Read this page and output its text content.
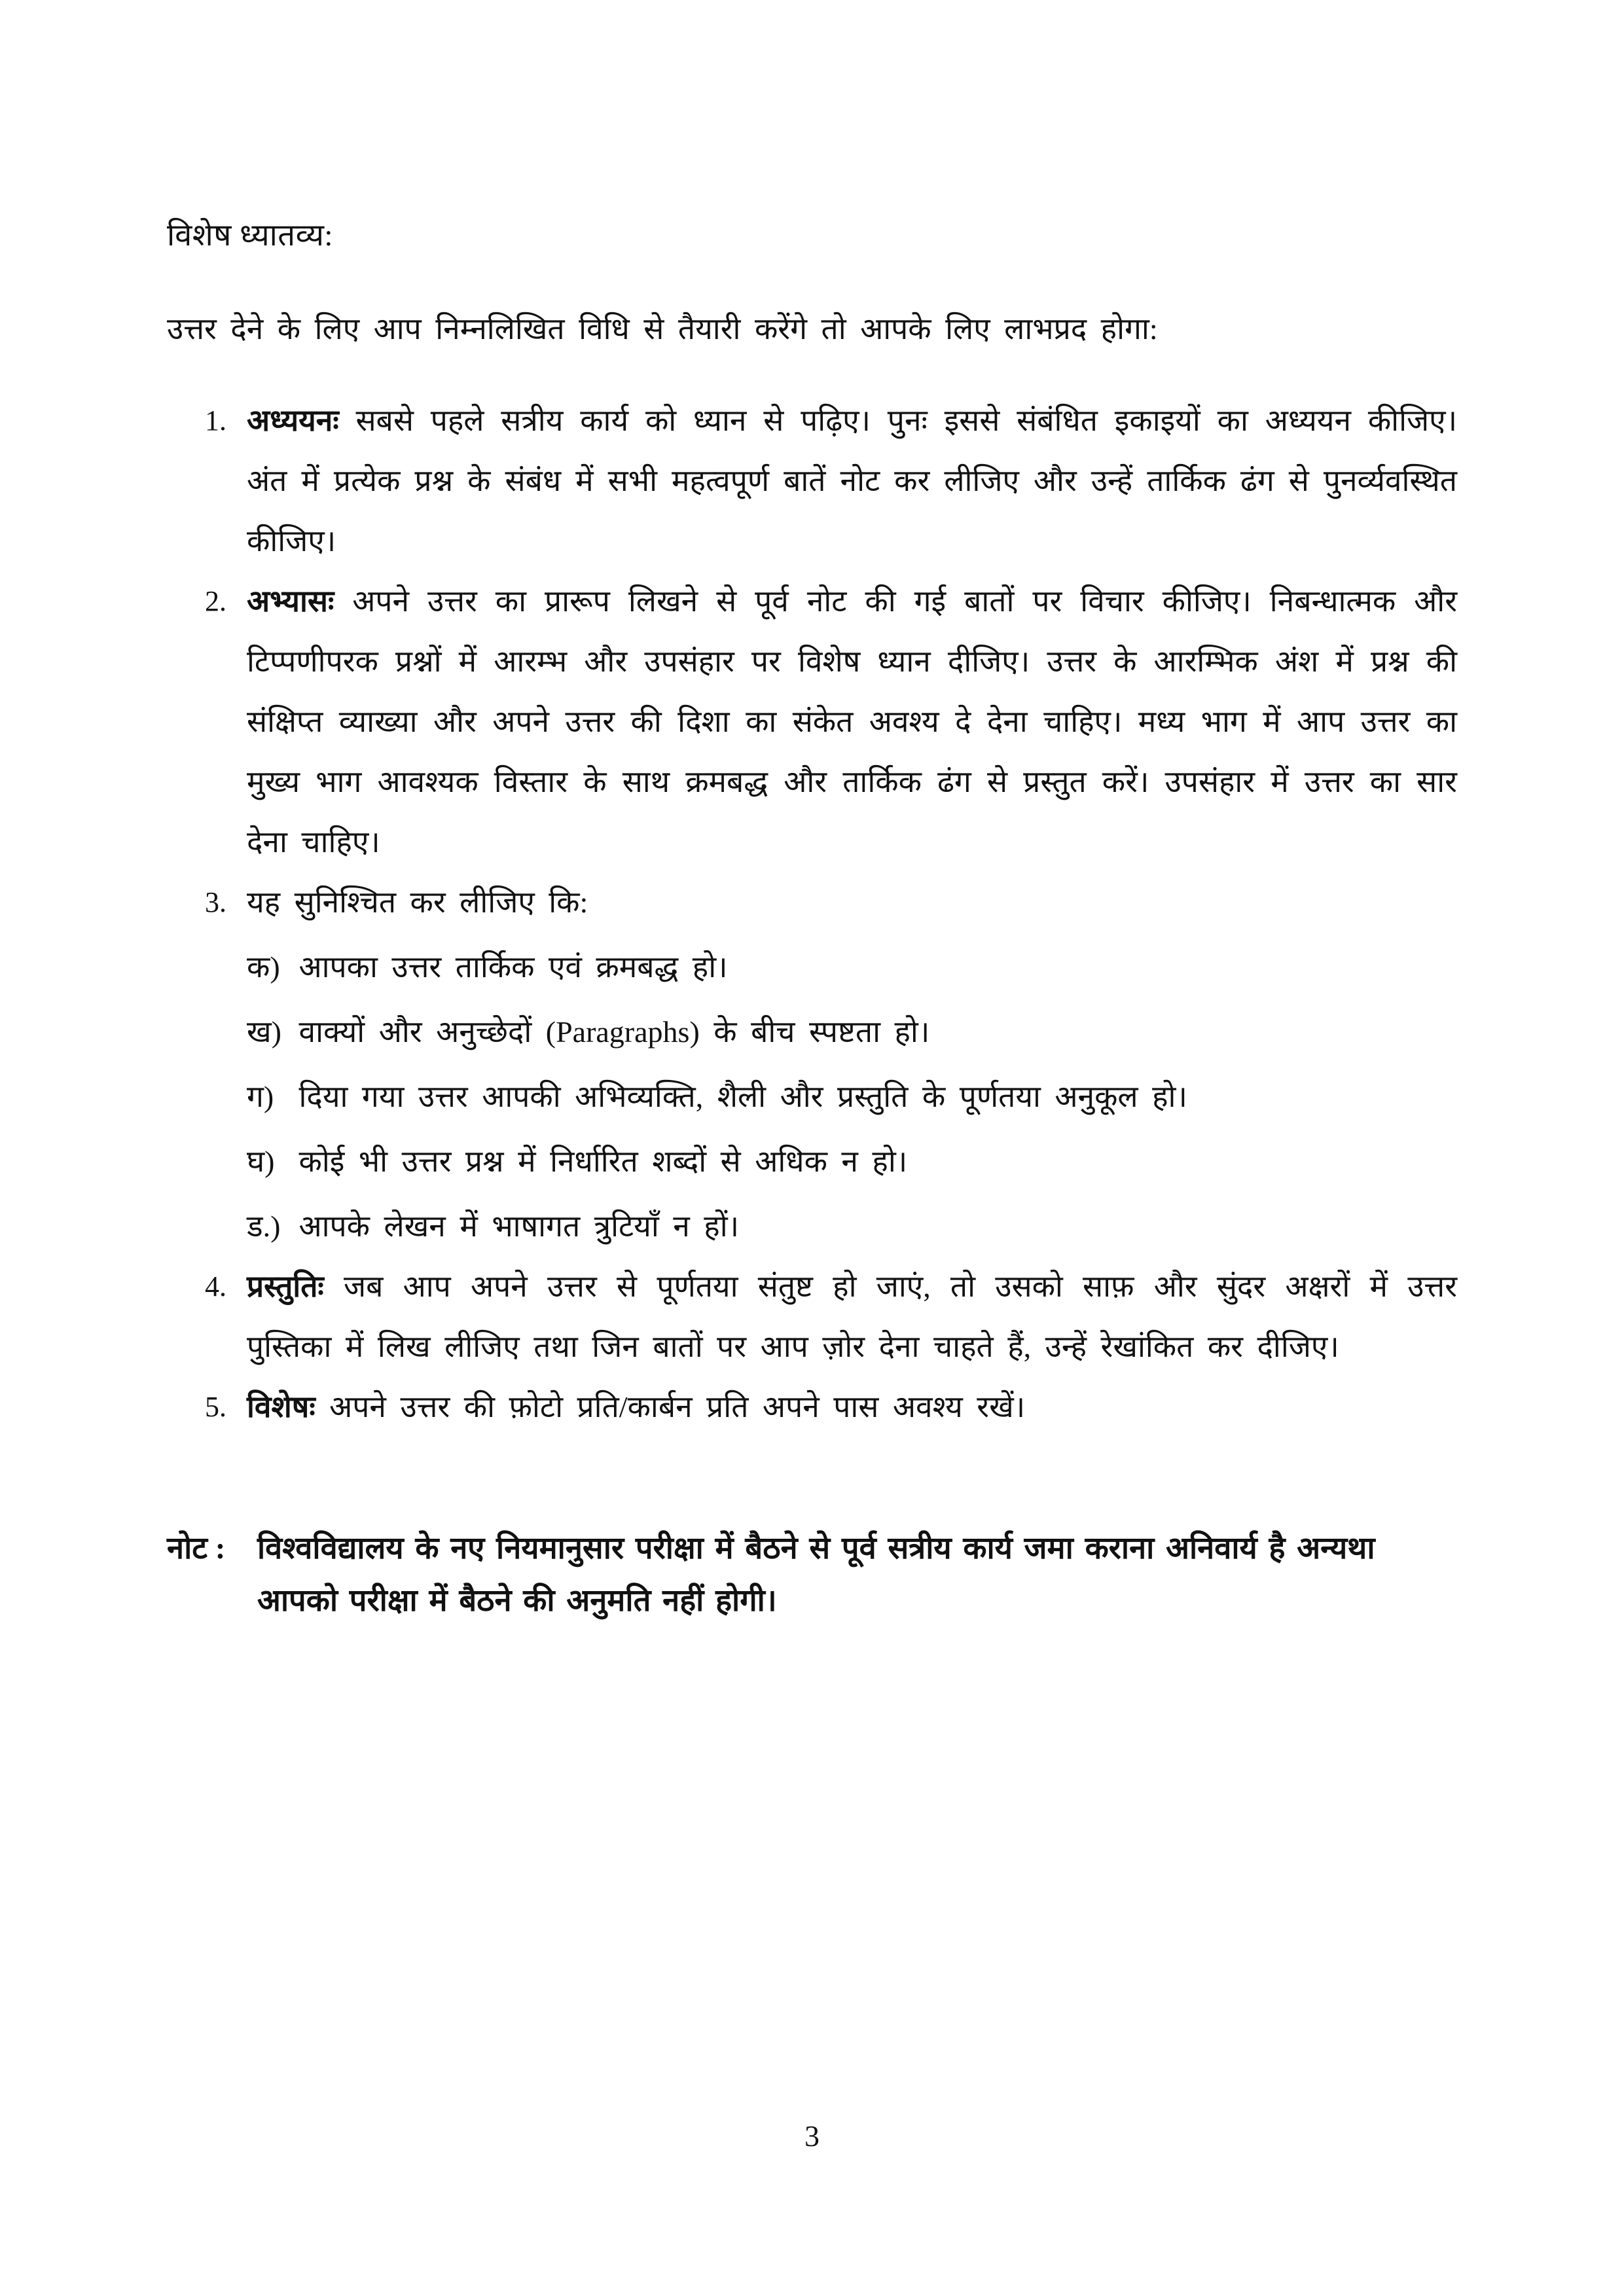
विशेष ध्यातव्य:

उत्तर देने के लिए आप निम्नलिखित विधि से तैयारी करेंगे तो आपके लिए लाभप्रद होगा:

1. अध्ययनः सबसे पहले सत्रीय कार्य को ध्यान से पढ़िए। पुनः इससे संबंधित इकाइयों का अध्ययन कीजिए। अंत में प्रत्येक प्रश्न के संबंध में सभी महत्वपूर्ण बातें नोट कर लीजिए और उन्हें तार्किक ढंग से पुनर्व्यवस्थित कीजिए।
2. अभ्यासः अपने उत्तर का प्रारूप लिखने से पूर्व नोट की गई बातों पर विचार कीजिए। निबन्धात्मक और टिप्पणीपरक प्रश्नों में आरम्भ और उपसंहार पर विशेष ध्यान दीजिए। उत्तर के आरम्भिक अंश में प्रश्न की संक्षिप्त व्याख्या और अपने उत्तर की दिशा का संकेत अवश्य दे देना चाहिए। मध्य भाग में आप उत्तर का मुख्य भाग आवश्यक विस्तार के साथ क्रमबद्ध और तार्किक ढंग से प्रस्तुत करें। उपसंहार में उत्तर का सार देना चाहिए।
3. यह सुनिश्चित कर लीजिए कि:
क) आपका उत्तर तार्किक एवं क्रमबद्ध हो।
ख) वाक्यों और अनुच्छेदों (Paragraphs) के बीच स्पष्टता हो।
ग) दिया गया उत्तर आपकी अभिव्यक्ति, शैली और प्रस्तुति के पूर्णतया अनुकूल हो।
घ) कोई भी उत्तर प्रश्न में निर्धारित शब्दों से अधिक न हो।
ड.) आपके लेखन में भाषागत त्रुटियाँ न हों।
4. प्रस्तुतिः जब आप अपने उत्तर से पूर्णतया संतुष्ट हो जाएं, तो उसको साफ़ और सुंदर अक्षरों में उत्तर पुस्तिका में लिख लीजिए तथा जिन बातों पर आप ज़ोर देना चाहते हैं, उन्हें रेखांकित कर दीजिए।
5. विशेषः अपने उत्तर की फ़ोटो प्रति/कार्बन प्रति अपने पास अवश्य रखें।
नोट :	विश्वविद्यालय के नए नियमानुसार परीक्षा में बैठने से पूर्व सत्रीय कार्य जमा कराना अनिवार्य है अन्यथा आपको परीक्षा में बैठने की अनुमति नहीं होगी।
3
